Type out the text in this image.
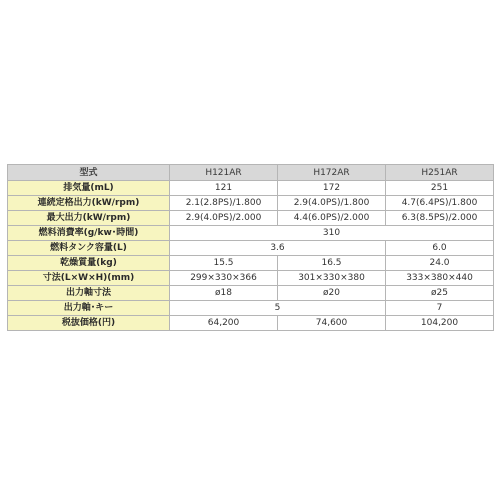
型式	H121AR	H172AR	H251AR
排気量(mL)	121	172	251
連続定格出力(kW/rpm)	2.1(2.8PS)/1.800	2.9(4.0PS)/1.800	4.7(6.4PS)/1.800
最大出力(kW/rpm)	2.9(4.0PS)/2.000	4.4(6.0PS)/2.000	6.3(8.5PS)/2.000
燃料消費率(g/kw･時間)	310		
燃料タンク容量(L)	3.6		6.0
乾燥質量(kg)	15.5	16.5	24.0
寸法(L×W×H)(mm)	299×330×366	301×330×380	333×380×440
出力軸寸法	ø18	ø20	ø25
出力軸･キー	5		7
税抜価格(円)	64,200	74,600	104,200
